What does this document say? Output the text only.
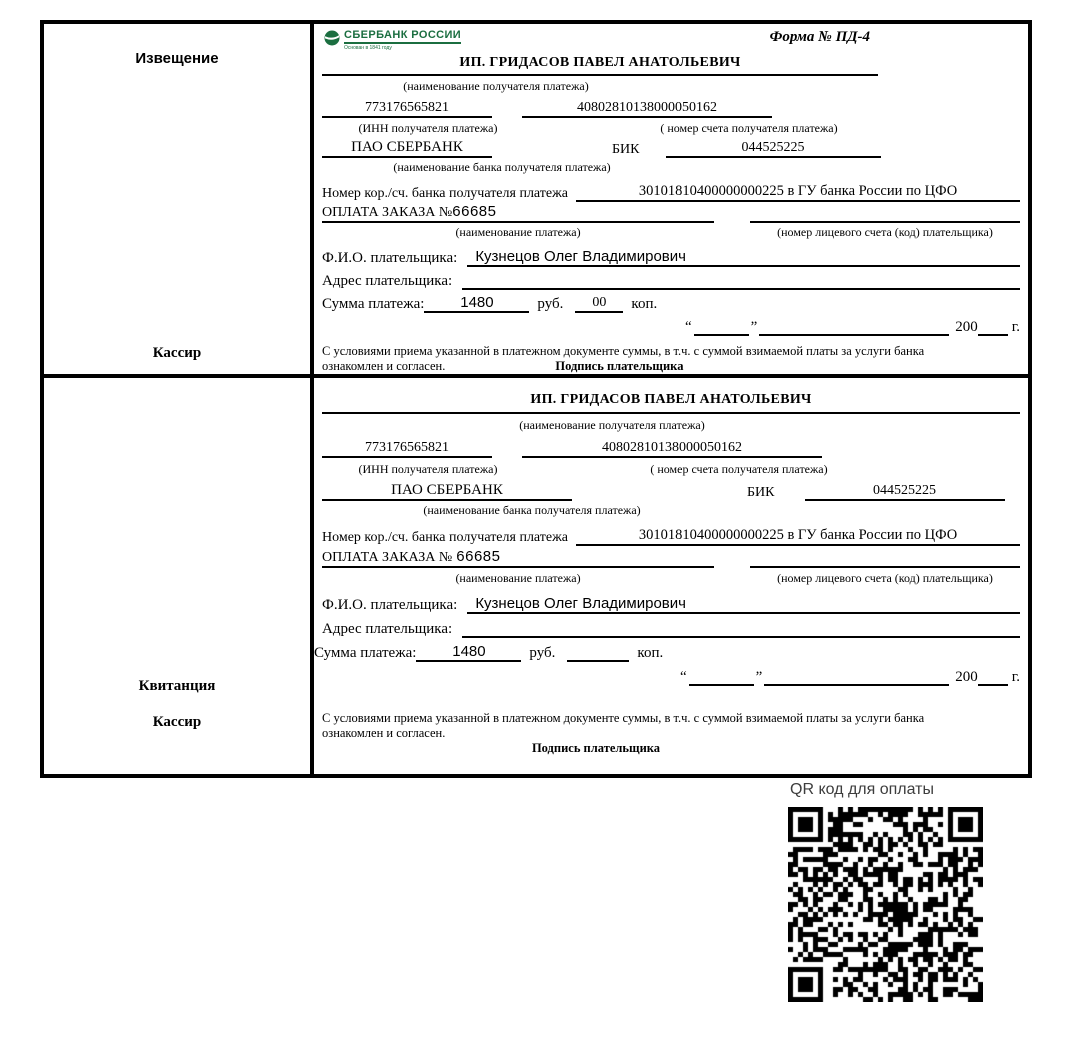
Извещение
Кассир
СБЕРБАНК РОССИИ
Основан в 1841 году
Форма № ПД-4
ИП. ГРИДАСОВ ПАВЕЛ АНАТОЛЬЕВИЧ
(наименование получателя платежа)
773176565821	40802810138000050162
(ИНН получателя платежа)	( номер счета получателя платежа)
ПАО СБЕРБАНК	БИК	044525225
(наименование банка получателя платежа)
Номер кор./сч. банка получателя платежа	30101810400000000225 в ГУ банка России по ЦФО
ОПЛАТА ЗАКАЗА №66685
(наименование платежа)	(номер лицевого счета (код) плательщика)
Ф.И.О. плательщика:	Кузнецов Олег Владимирович
Адрес плательщика:
Сумма платежа:	1480	руб.	00	коп.
“	”	200 г.
С условиями приема указанной в платежном документе суммы, в т.ч. с суммой взимаемой платы за услуги банка
ознакомлен и согласен.	Подпись плательщика
Квитанция
Кассир
ИП. ГРИДАСОВ ПАВЕЛ АНАТОЛЬЕВИЧ
(наименование получателя платежа)
773176565821	40802810138000050162
(ИНН получателя платежа)	( номер счета получателя платежа)
ПАО СБЕРБАНК	БИК	044525225
(наименование банка получателя платежа)
Номер кор./сч. банка получателя платежа	30101810400000000225 в ГУ банка России по ЦФО
ОПЛАТА ЗАКАЗА № 66685
(наименование платежа)	(номер лицевого счета (код) плательщика)
Ф.И.О. плательщика:	Кузнецов Олег Владимирович
Адрес плательщика:
Сумма платежа:	1480	руб.	коп.
“	”	200 г.
С условиями приема указанной в платежном документе суммы, в т.ч. с суммой взимаемой платы за услуги банка
ознакомлен и согласен.
Подпись плательщика
QR код для оплаты
